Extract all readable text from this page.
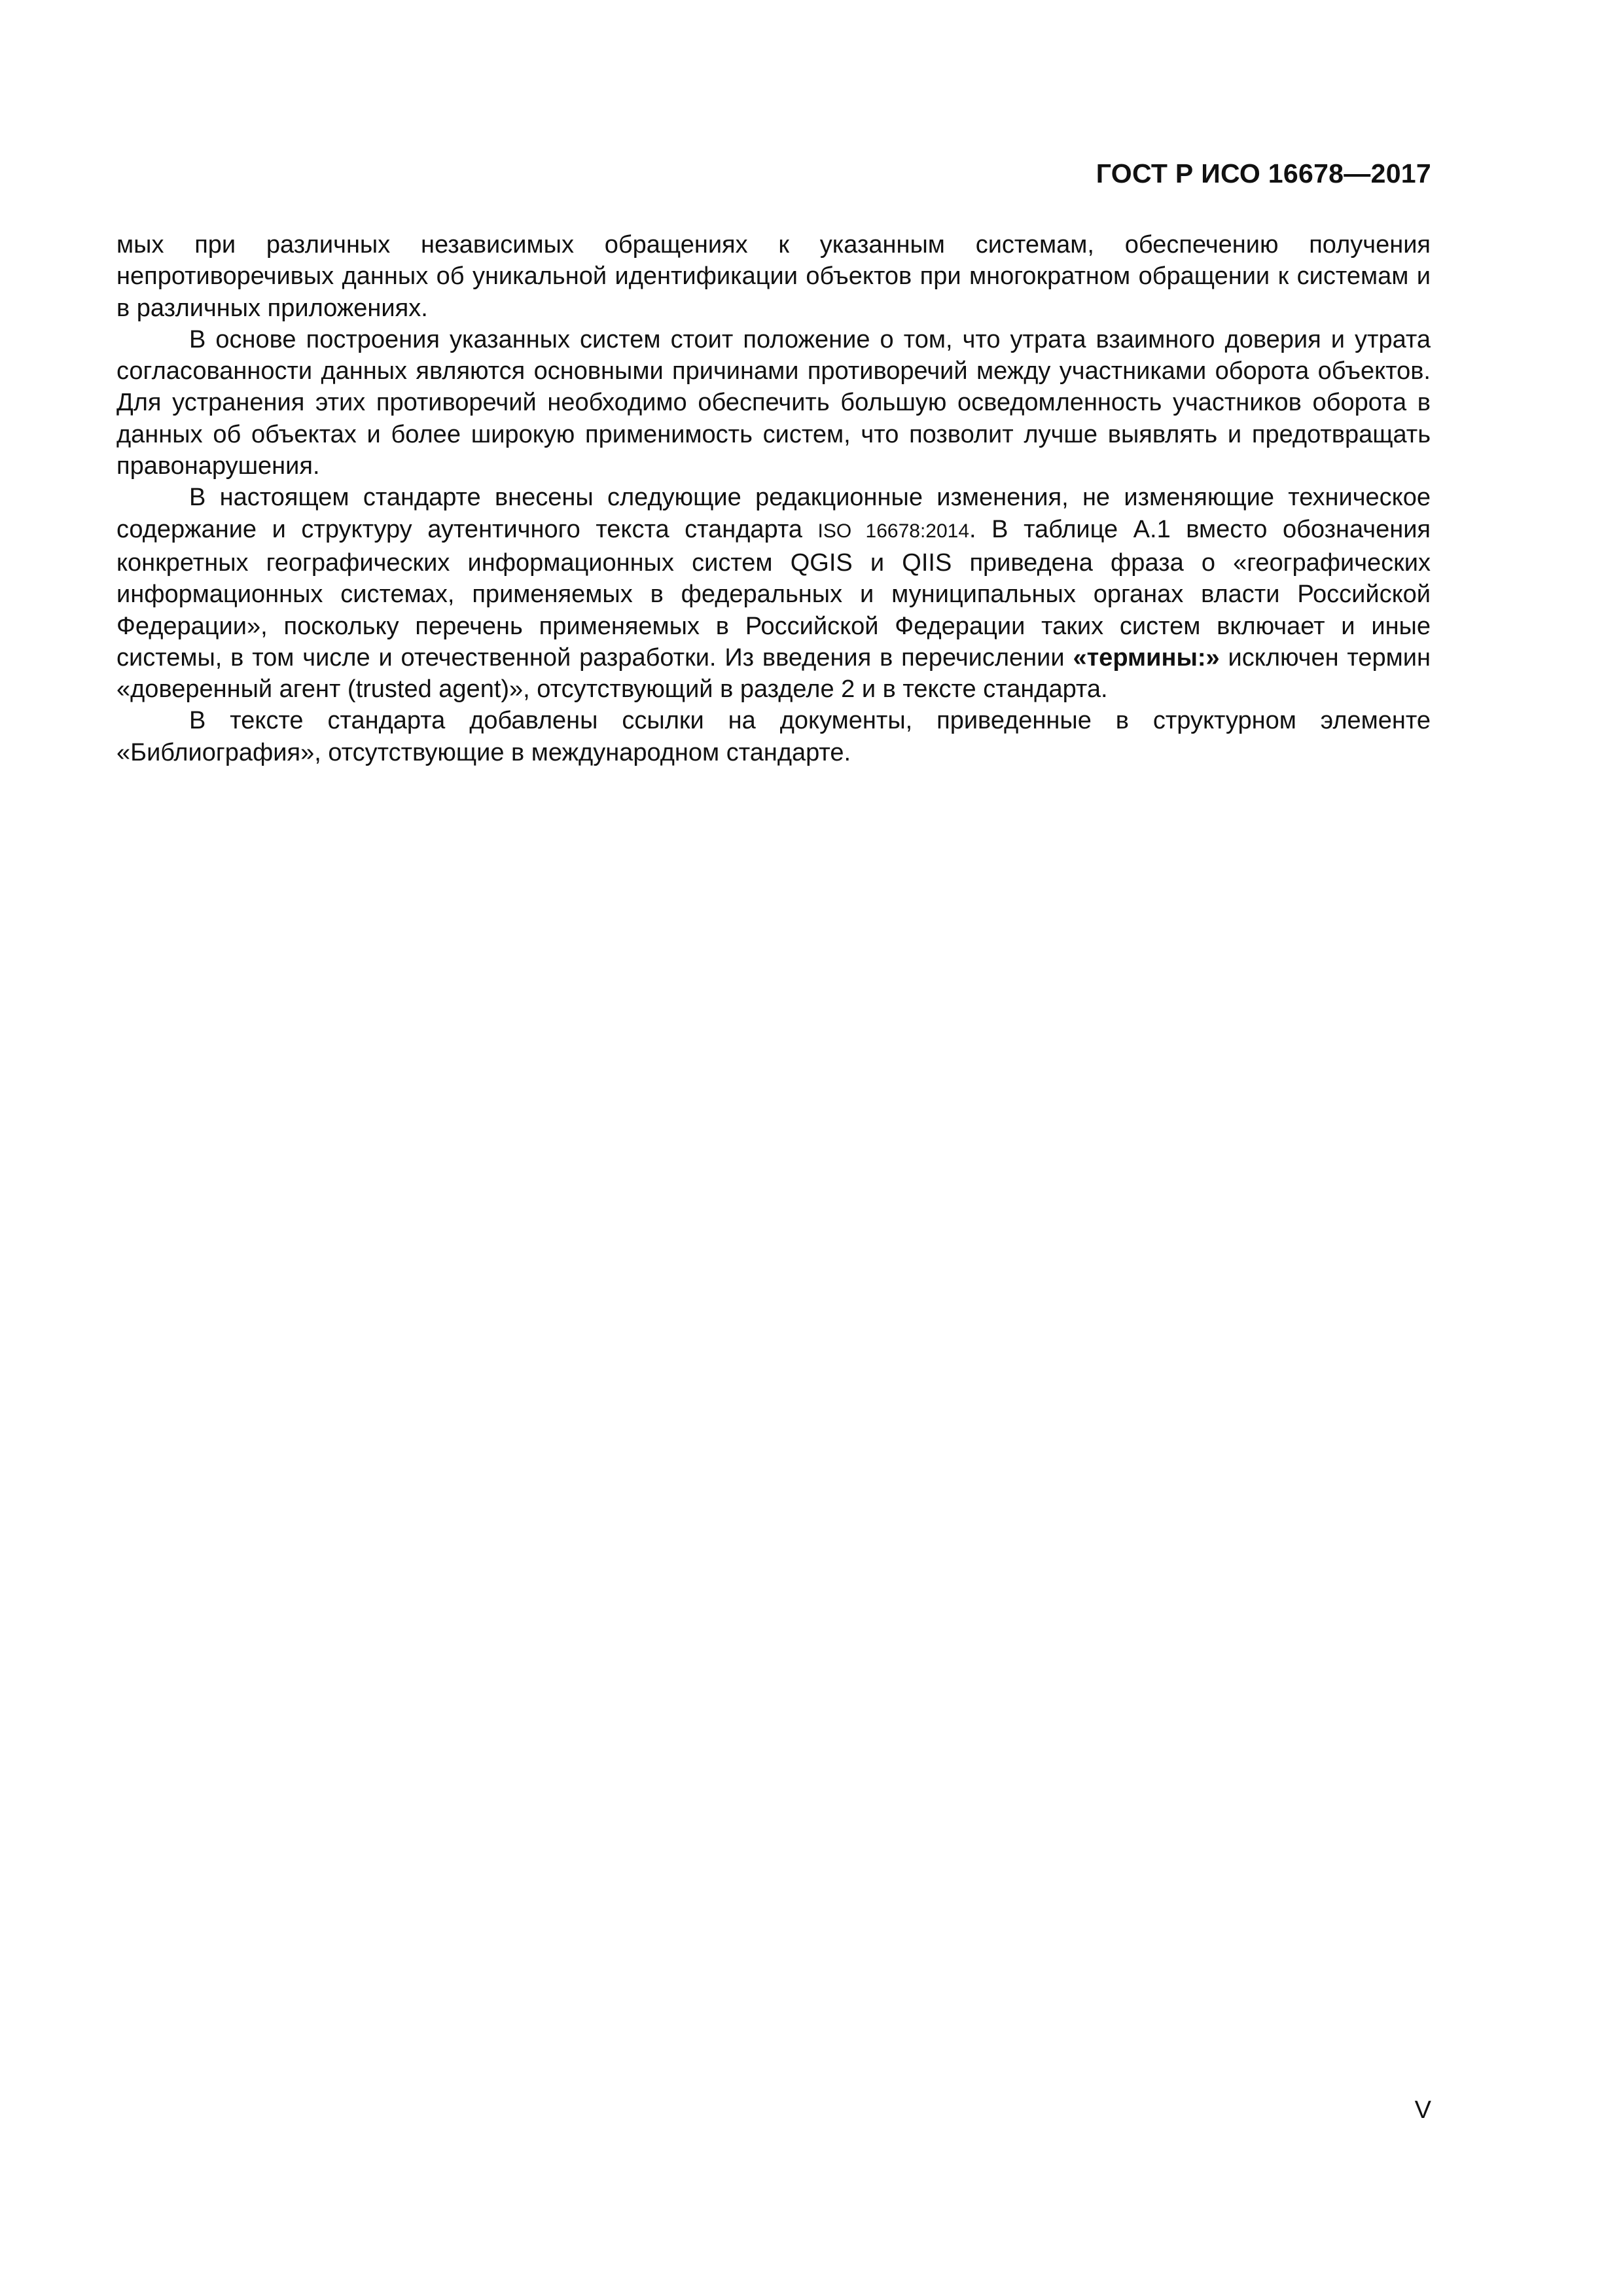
ГОСТ Р ИСО 16678—2017

мых при различных независимых обращениях к указанным системам, обеспечению получения непротиворечивых данных об уникальной идентификации объектов при многократном обращении к системам и в различных приложениях.

В основе построения указанных систем стоит положение о том, что утрата взаимного доверия и утрата согласованности данных являются основными причинами противоречий между участниками оборота объектов. Для устранения этих противоречий необходимо обеспечить большую осведомленность участников оборота в данных об объектах и более широкую применимость систем, что позволит лучше выявлять и предотвращать правонарушения.

В настоящем стандарте внесены следующие редакционные изменения, не изменяющие техническое содержание и структуру аутентичного текста стандарта ISO 16678:2014. В таблице А.1 вместо обозначения конкретных географических информационных систем QGIS и QIIS приведена фраза о «географических информационных системах, применяемых в федеральных и муниципальных органах власти Российской Федерации», поскольку перечень применяемых в Российской Федерации таких систем включает и иные системы, в том числе и отечественной разработки. Из введения в перечислении «термины:» исключен термин «доверенный агент (trusted agent)», отсутствующий в разделе 2 и в тексте стандарта.

В тексте стандарта добавлены ссылки на документы, приведенные в структурном элементе «Библиография», отсутствующие в международном стандарте.

V
